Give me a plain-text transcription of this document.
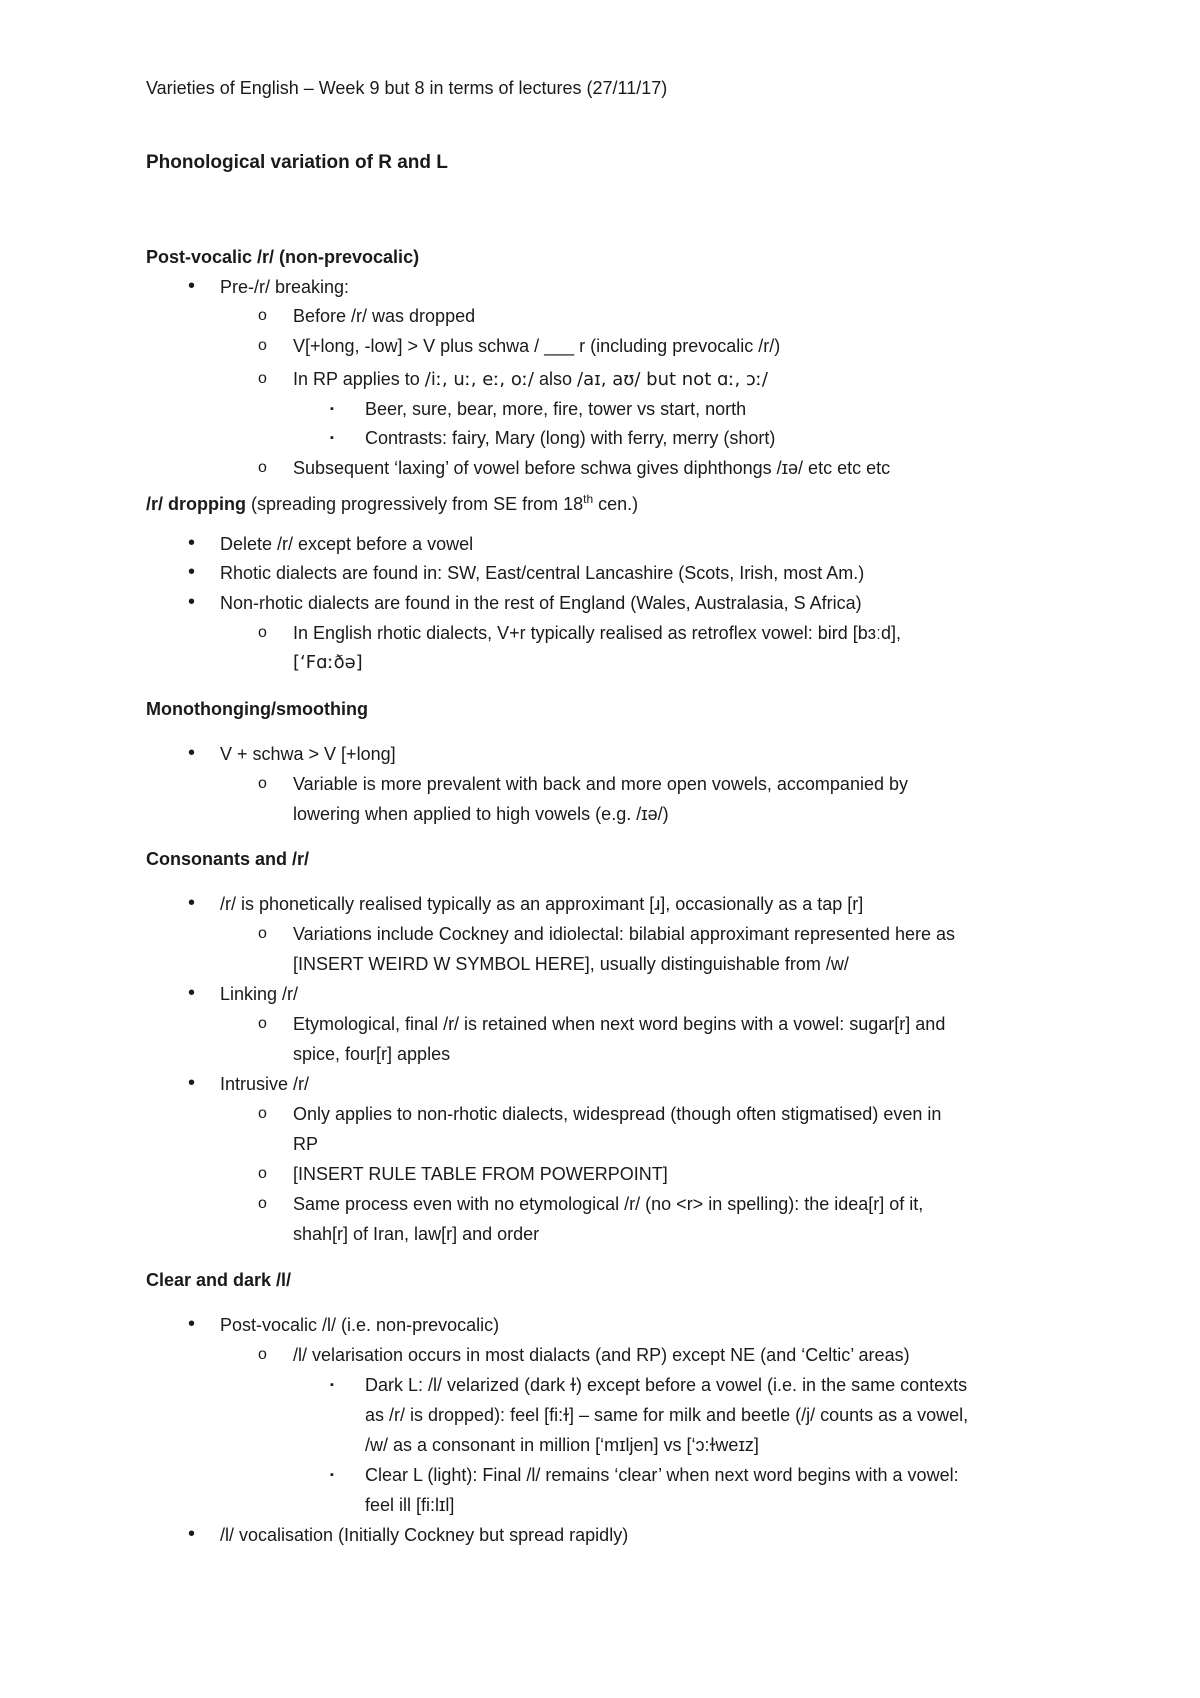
Varieties of English – Week 9 but 8 in terms of lectures (27/11/17)
Phonological variation of R and L
Post-vocalic /r/ (non-prevocalic)
• Pre-/r/ breaking:
o Before /r/ was dropped
o V[+long, -low] > V plus schwa / ___ r (including prevocalic /r/)
o In RP applies to /iː, uː, eː, oː/ also /aɪ, aʊ/ but not ɑː, ɔː/
▪ Beer, sure, bear, more, fire, tower vs start, north
▪ Contrasts: fairy, Mary (long) with ferry, merry (short)
o Subsequent ‘laxing’ of vowel before schwa gives diphthongs /ɪə/ etc etc etc
/r/ dropping (spreading progressively from SE from 18th cen.)
• Delete /r/ except before a vowel
• Rhotic dialects are found in: SW, East/central Lancashire (Scots, Irish, most Am.)
• Non-rhotic dialects are found in the rest of England (Wales, Australasia, S Africa)
o In English rhotic dialects, V+r typically realised as retroflex vowel: bird [bɜːd],
[‘Fɑːðə]
Monothonging/smoothing
• V + schwa > V [+long]
o Variable is more prevalent with back and more open vowels, accompanied by
lowering when applied to high vowels (e.g. /ɪə/)
Consonants and /r/
• /r/ is phonetically realised typically as an approximant [ɹ], occasionally as a tap [r]
o Variations include Cockney and idiolectal: bilabial approximant represented here as
[INSERT WEIRD W SYMBOL HERE], usually distinguishable from /w/
• Linking /r/
o Etymological, final /r/ is retained when next word begins with a vowel: sugar[r] and
spice, four[r] apples
• Intrusive /r/
o Only applies to non-rhotic dialects, widespread (though often stigmatised) even in
RP
o [INSERT RULE TABLE FROM POWERPOINT]
o Same process even with no etymological /r/ (no <r> in spelling): the idea[r] of it,
shah[r] of Iran, law[r] and order
Clear and dark /l/
• Post-vocalic /l/ (i.e. non-prevocalic)
o /l/ velarisation occurs in most dialacts (and RP) except NE (and ‘Celtic’ areas)
▪ Dark L: /l/ velarized (dark ɫ) except before a vowel (i.e. in the same contexts
as /r/ is dropped): feel [fi:ɫ] – same for milk and beetle (/j/ counts as a vowel,
/w/ as a consonant in million [‘mɪljen] vs [‘ɔ:ɫweɪz]
▪ Clear L (light): Final /l/ remains ‘clear’ when next word begins with a vowel:
feel ill [fi:lɪl]
• /l/ vocalisation (Initially Cockney but spread rapidly)
